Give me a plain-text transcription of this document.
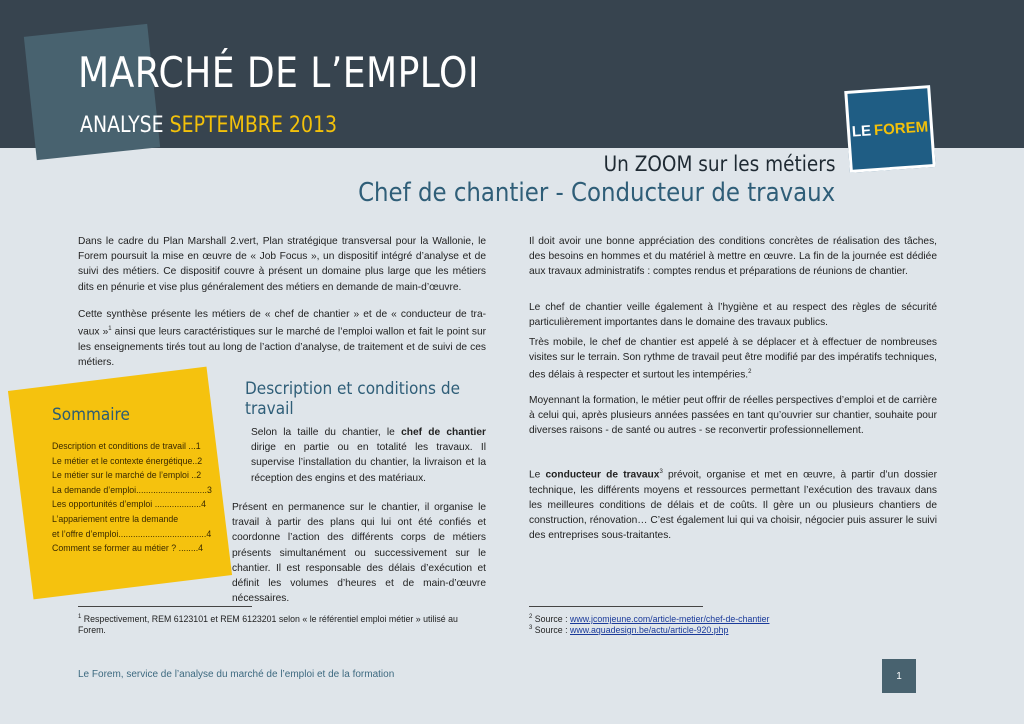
MARCHÉ DE L’EMPLOI
ANALYSE SEPTEMBRE 2013	LE FOREM
Un ZOOM sur les métiers
Chef de chantier - Conducteur de travaux
Dans le cadre du Plan Marshall 2.vert, Plan stratégique transversal pour la Wallonie, le Forem poursuit la mise en œuvre de « Job Focus », un dispositif intégré d’analyse et de suivi des métiers. Ce dispositif couvre à présent un domaine plus large que les métiers dits en pénurie et vise plus généralement des métiers en demande de main-d’œuvre.
Cette synthèse présente les métiers de « chef de chantier » et de « conducteur de tra- vaux »$^1$ ainsi que leurs caractéristiques sur le marché de l’emploi wallon et fait le point sur les enseignements tirés tout au long de l’action d’analyse, de traitement et de suivi de ces métiers.
Sommaire
Description et conditions de travail ...1
Le métier et le contexte énergétique..2
Le métier sur le marché de l’emploi ..2
La demande d’emploi.............................3
Les opportunités d’emploi ...................4
L’appariement entre la demande
et l’offre d’emploi....................................4
Comment se former au métier ? ........4
Description et conditions de
travail
Selon la taille du chantier, le chef de chantier dirige en partie ou en totalité les travaux. Il supervise l’installation du chantier, la livraison et la réception des engins et des matériaux.
Présent en permanence sur le chantier, il organise le travail à partir des plans qui lui ont été confiés et coordonne l’action des différents corps de métiers présents simultanément ou successivement sur le chantier. Il est responsable des délais d’exécution et définit les volumes d’heures et de main-d’œuvre nécessaires.
Il doit avoir une bonne appréciation des conditions concrètes de réalisation des tâches, des besoins en hommes et du matériel à mettre en œuvre. La fin de la journée est dédiée aux travaux administratifs : comptes rendus et préparations de réunions de chantier.
Le chef de chantier veille également à l’hygiène et au respect des règles de sécurité particulièrement importantes dans le domaine des travaux publics.
Très mobile, le chef de chantier est appelé à se déplacer et à effectuer de nombreuses visites sur le terrain. Son rythme de travail peut être modifié par des impératifs techniques, des délais à respecter et surtout les intempéries.$^2$
Moyennant la formation, le métier peut offrir de réelles perspectives d’emploi et de carrière à celui qui, après plusieurs années passées en tant qu’ouvrier sur chantier, souhaite pour diverses raisons - de santé ou autres - se reconvertir professionnellement.
Le conducteur de travaux$^3$ prévoit, organise et met en œuvre, à partir d’un dossier technique, les différents moyens et ressources permettant l’exécution des travaux dans les meilleures conditions de délais et de coûts. Il gère un ou plusieurs chantiers de construction, rénovation… C’est également lui qui va choisir, négocier puis assurer le suivi des entreprises sous-traitantes.
$^1$ Respectivement, REM 6123101 et REM 6123201 selon « le référentiel emploi métier » utilisé au Forem.
$^2$ Source : www.jcomjeune.com/article-metier/chef-de-chantier
$^3$ Source : www.aquadesign.be/actu/article-920.php
Le Forem, service de l’analyse du marché de l’emploi et de la formation	1
